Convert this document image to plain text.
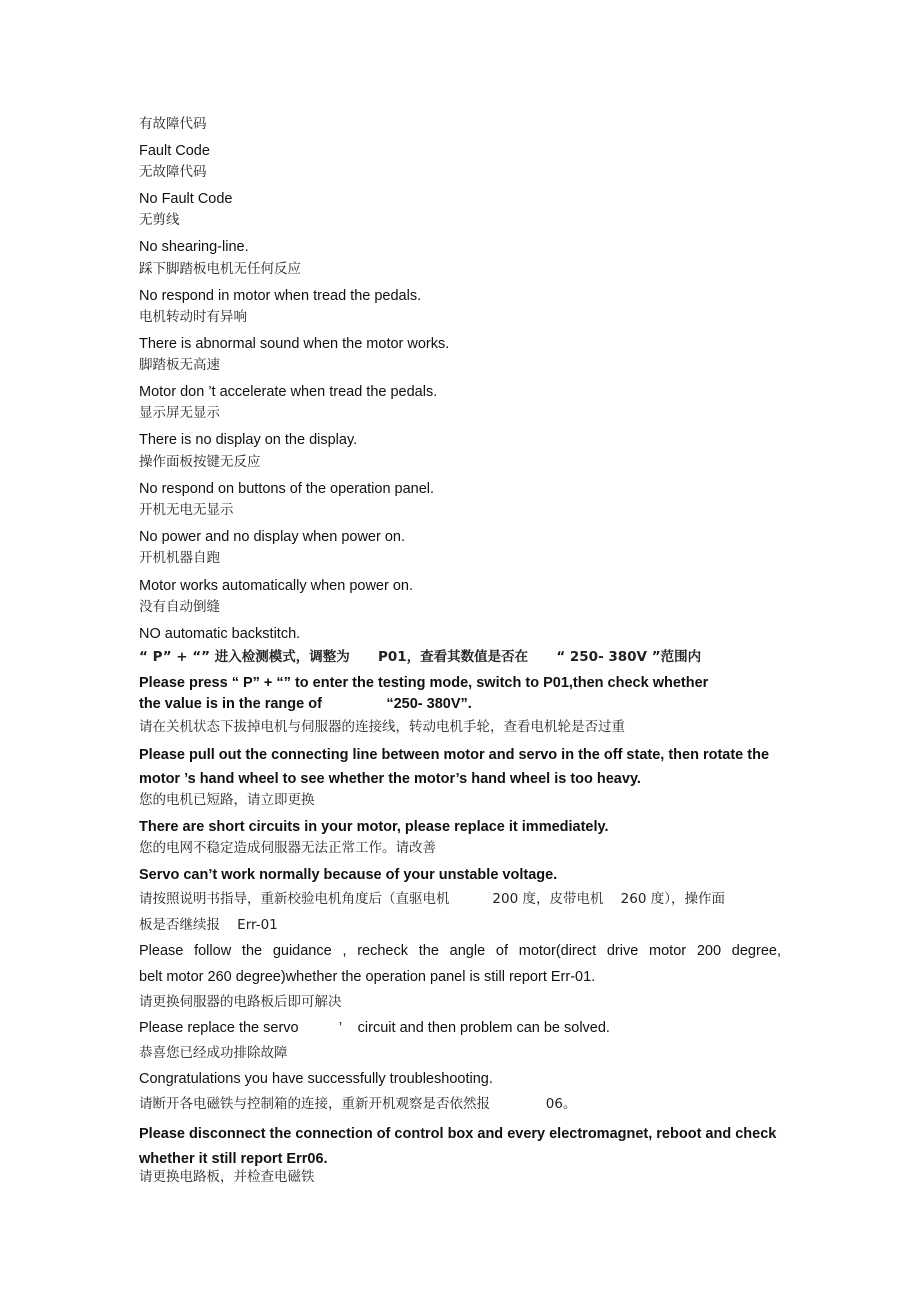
有故障代码
Fault Code
无故障代码
No Fault Code
无剪线
No shearing-line.
踩下脚踏板电机无任何反应
No respond in motor when tread the pedals.
电机转动时有异响
There is abnormal sound when the motor works.
脚踏板无高速
Motor don ’t accelerate when tread the pedals.
显示屏无显示
There is no display on the display.
操作面板按键无反应
No respond on buttons of the operation panel.
开机无电无显示
No power and no display when power on.
开机机器自跑
Motor works automatically when power on.
没有自动倒缝
NO automatic backstitch.
“ P” + “” 进入检测模式，调整为      P01，查看其数值是否在      “ 250- 380V ”范围内
Please press “ P” + “” to enter the testing mode, switch to P01,then check whether
the value is in the range of                “250- 380V”.
请在关机状态下拔掉电机与伺服器的连接线，转动电机手轮，查看电机轮是否过重
Please pull out the connecting line between motor and servo in the off state, then rotate the
motor ’s hand wheel to see whether the motor’s hand wheel is too heavy.
您的电机已短路，请立即更换
There are short circuits in your motor, please replace it immediately.
您的电网不稳定造成伺服器无法正常工作。请改善
Servo can’t work normally because of your unstable voltage.
请按照说明书指导，重新校验电机角度后（直驱电机          200 度，皮带电机    260 度），操作面
板是否继续报    Err-01
Please follow the guidance , recheck the angle of motor(direct drive motor 200 degree,
belt motor 260 degree)whether the operation panel is still report Err-01.
请更换伺服器的电路板后即可解决
Please replace the servo          ’    circuit and then problem can be solved.
恭喜您已经成功排除故障
Congratulations you have successfully troubleshooting.
请断开各电磁铁与控制箱的连接，重新开机观察是否依然报             06。
Please disconnect the connection of control box and every electromagnet, reboot and check
whether it still report Err06.
请更换电路板，并检查电磁铁
